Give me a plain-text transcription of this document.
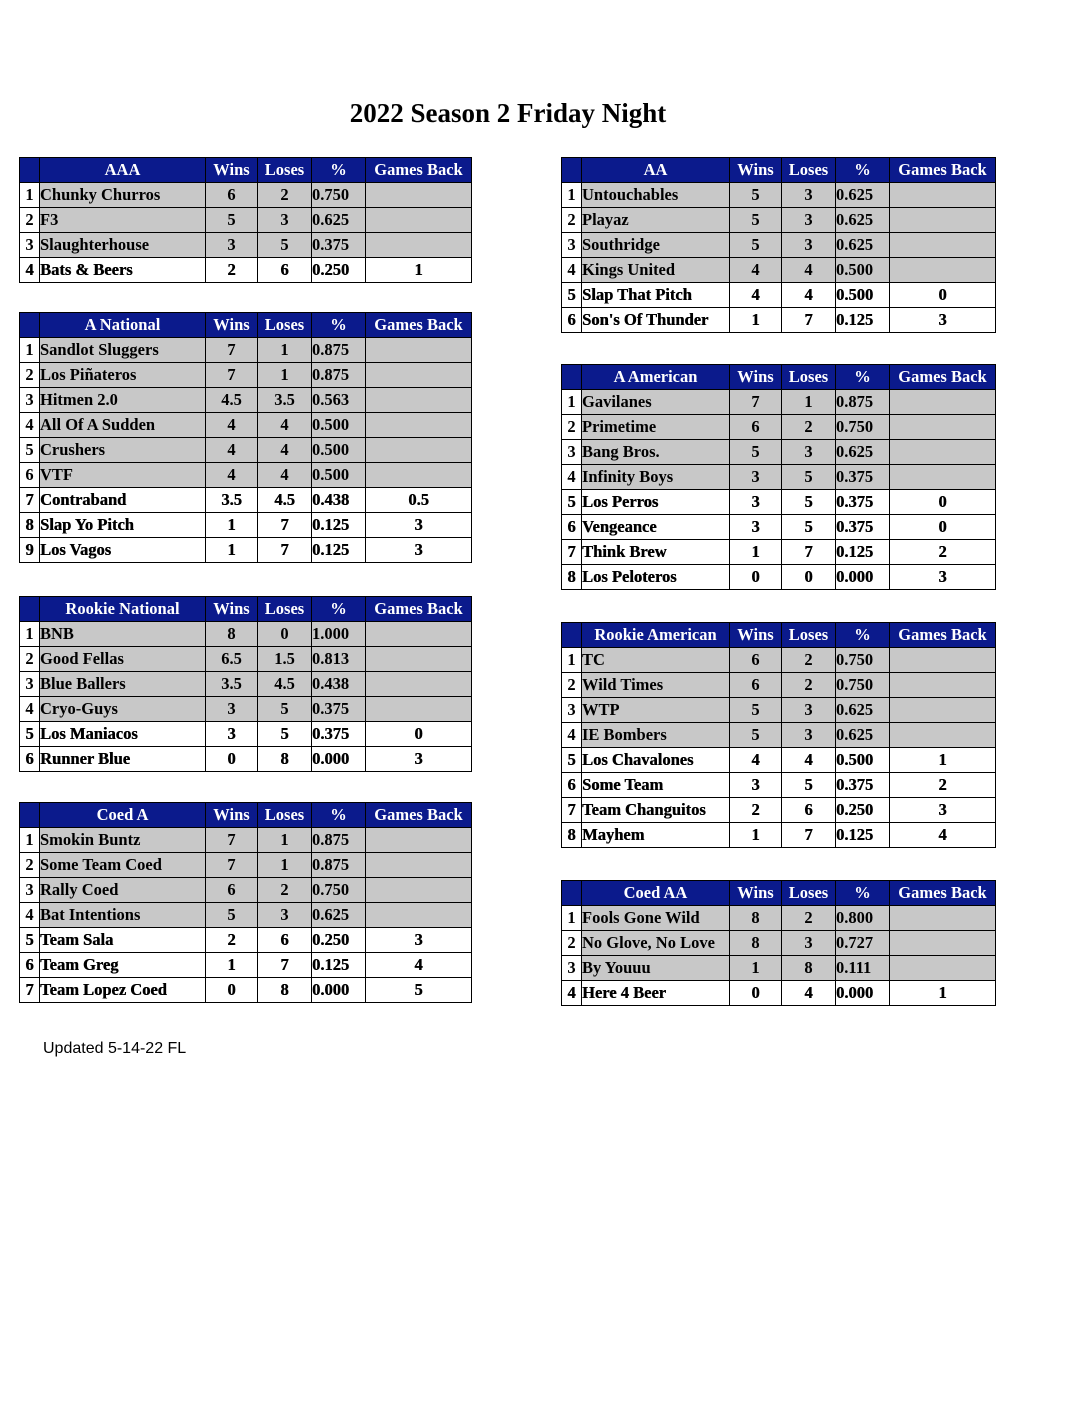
2022 Season 2 Friday Night
	AAA	Wins	Loses	%	Games Back
1	Chunky Churros	6	2	0.750	
2	F3	5	3	0.625	
3	Slaughterhouse	3	5	0.375	
4	Bats & Beers	2	6	0.250	1
	AA	Wins	Loses	%	Games Back
1	Untouchables	5	3	0.625	
2	Playaz	5	3	0.625	
3	Southridge	5	3	0.625	
4	Kings United	4	4	0.500	
5	Slap That Pitch	4	4	0.500	0
6	Son's Of Thunder	1	7	0.125	3
	A National	Wins	Loses	%	Games Back
1	Sandlot Sluggers	7	1	0.875	
2	Los Piñateros	7	1	0.875	
3	Hitmen 2.0	4.5	3.5	0.563	
4	All Of A Sudden	4	4	0.500	
5	Crushers	4	4	0.500	
6	VTF	4	4	0.500	
7	Contraband	3.5	4.5	0.438	0.5
8	Slap Yo Pitch	1	7	0.125	3
9	Los Vagos	1	7	0.125	3
	A American	Wins	Loses	%	Games Back
1	Gavilanes	7	1	0.875	
2	Primetime	6	2	0.750	
3	Bang Bros.	5	3	0.625	
4	Infinity Boys	3	5	0.375	
5	Los Perros	3	5	0.375	0
6	Vengeance	3	5	0.375	0
7	Think Brew	1	7	0.125	2
8	Los Peloteros	0	0	0.000	3
	Rookie National	Wins	Loses	%	Games Back
1	BNB	8	0	1.000	
2	Good Fellas	6.5	1.5	0.813	
3	Blue Ballers	3.5	4.5	0.438	
4	Cryo-Guys	3	5	0.375	
5	Los Maniacos	3	5	0.375	0
6	Runner Blue	0	8	0.000	3
	Rookie American	Wins	Loses	%	Games Back
1	TC	6	2	0.750	
2	Wild Times	6	2	0.750	
3	WTP	5	3	0.625	
4	IE Bombers	5	3	0.625	
5	Los Chavalones	4	4	0.500	1
6	Some Team	3	5	0.375	2
7	Team Changuitos	2	6	0.250	3
8	Mayhem	1	7	0.125	4
	Coed A	Wins	Loses	%	Games Back
1	Smokin Buntz	7	1	0.875	
2	Some Team Coed	7	1	0.875	
3	Rally Coed	6	2	0.750	
4	Bat Intentions	5	3	0.625	
5	Team Sala	2	6	0.250	3
6	Team Greg	1	7	0.125	4
7	Team Lopez Coed	0	8	0.000	5
	Coed AA	Wins	Loses	%	Games Back
1	Fools Gone Wild	8	2	0.800	
2	No Glove, No Love	8	3	0.727	
3	By Youuu	1	8	0.111	
4	Here 4 Beer	0	4	0.000	1
Updated 5-14-22 FL
